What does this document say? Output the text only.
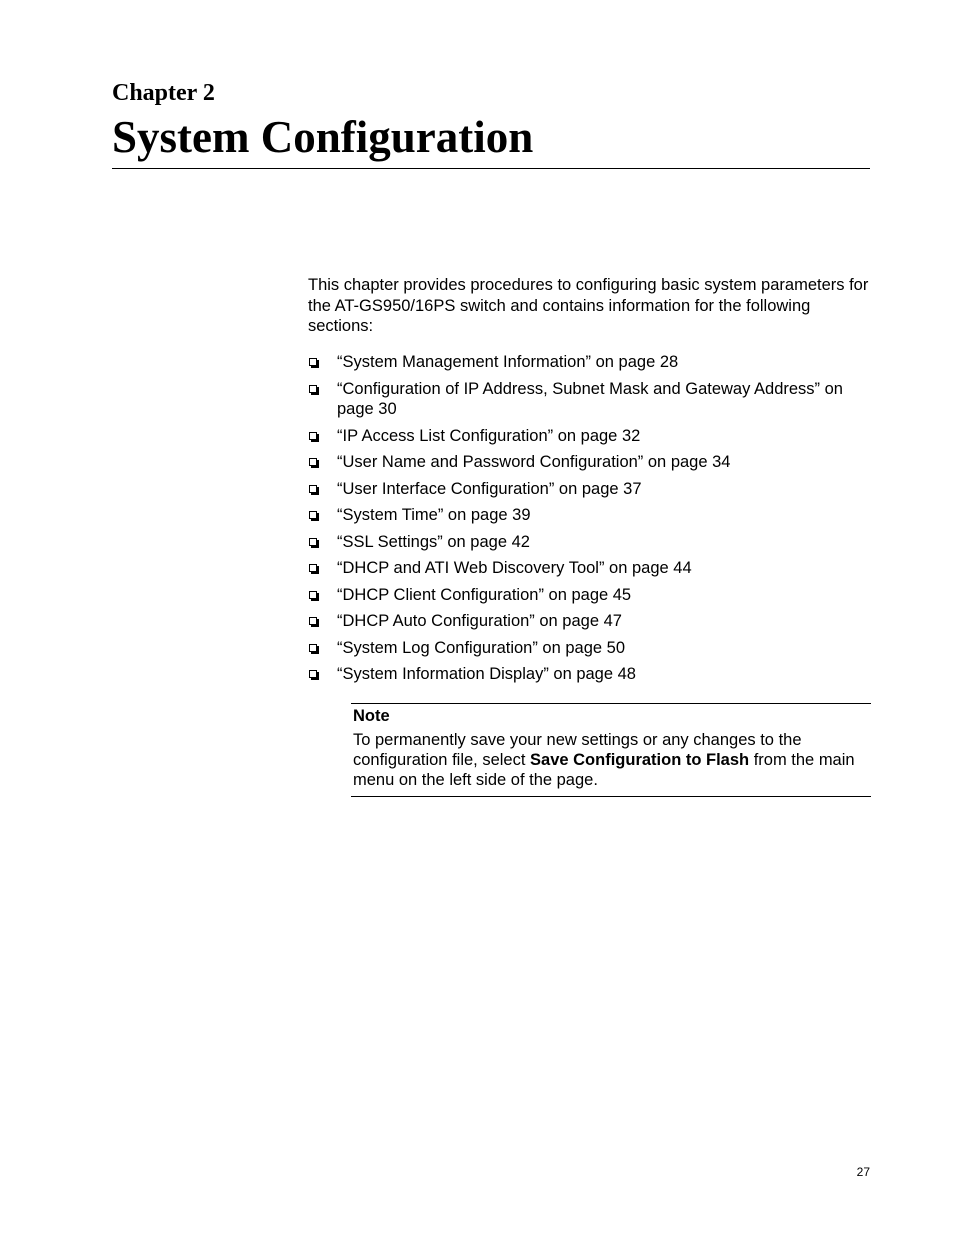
Chapter 2
System Configuration

This chapter provides procedures to configuring basic system parameters for the AT-GS950/16PS switch and contains information for the following sections:

“System Management Information” on page 28
“Configuration of IP Address, Subnet Mask and Gateway Address” on page 30
“IP Access List Configuration” on page 32
“User Name and Password Configuration” on page 34
“User Interface Configuration” on page 37
“System Time” on page 39
“SSL Settings” on page 42
“DHCP and ATI Web Discovery Tool” on page 44
“DHCP Client Configuration” on page 45
“DHCP Auto Configuration” on page 47
“System Log Configuration” on page 50
“System Information Display” on page 48

Note

To permanently save your new settings or any changes to the configuration file, select Save Configuration to Flash from the main menu on the left side of the page.

27
